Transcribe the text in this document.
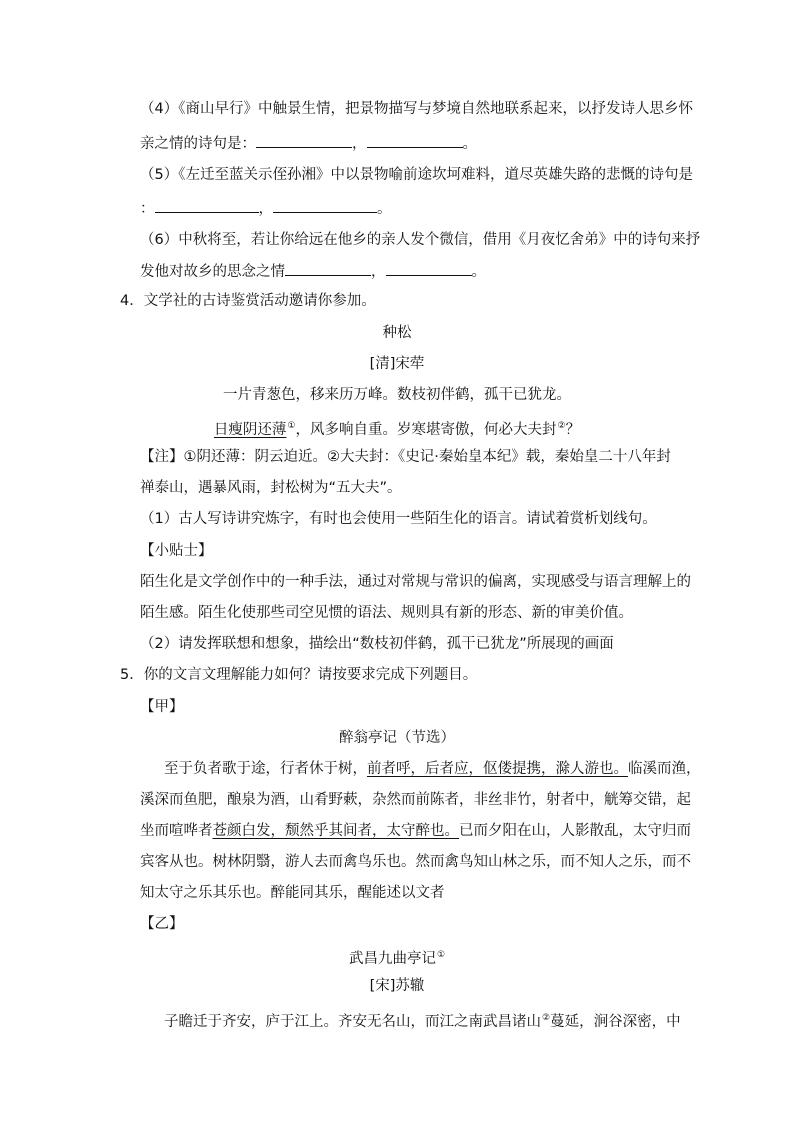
（4）《商山早行》中触景生情，把景物描写与梦境自然地联系起来，以抒发诗人思乡怀
亲之情的诗句是：	，	。
（5）《左迁至蓝关示侄孙湘》中以景物喻前途坎坷难料，道尽英雄失路的悲慨的诗句是
：	，	。
（6）中秋将至，若让你给远在他乡的亲人发个微信，借用《月夜忆舍弟》中的诗句来抒
发他对故乡的思念之情	，	。
4．文学社的古诗鉴赏活动邀请你参加。
种松
[清]宋荦
一片青葱色，移来历万峰。数枝初伴鹤，孤干已犹龙。
日瘦阴还薄①，风多响自重。岁寒堪寄傲，何必大夫封②？
【注】①阴还薄：阴云迫近。②大夫封：《史记·秦始皇本纪》载，秦始皇二十八年封
禅泰山，遇暴风雨，封松树为“五大夫”。
（1）古人写诗讲究炼字，有时也会使用一些陌生化的语言。请试着赏析划线句。
【小贴士】
陌生化是文学创作中的一种手法，通过对常规与常识的偏离，实现感受与语言理解上的
陌生感。陌生化使那些司空见惯的语法、规则具有新的形态、新的审美价值。
（2）请发挥联想和想象，描绘出“数枝初伴鹤，孤干已犹龙”所展现的画面
5．你的文言文理解能力如何？请按要求完成下列题目。
【甲】
醉翁亭记（节选）
至于负者歌于途，行者休于树，前者呼，后者应，伛偻提携，滁人游也。临溪而渔，
溪深而鱼肥，酿泉为酒，山肴野蔌，杂然而前陈者，非丝非竹，射者中，觥筹交错，起
坐而喧哗者苍颜白发，颓然乎其间者，太守醉也。已而夕阳在山，人影散乱，太守归而
宾客从也。树林阴翳，游人去而禽鸟乐也。然而禽鸟知山林之乐，而不知人之乐，而不
知太守之乐其乐也。醉能同其乐，醒能述以文者
【乙】
武昌九曲亭记①
[宋]苏辙
子瞻迁于齐安，庐于江上。齐安无名山，而江之南武昌诸山②蔓延，涧谷深密，中
